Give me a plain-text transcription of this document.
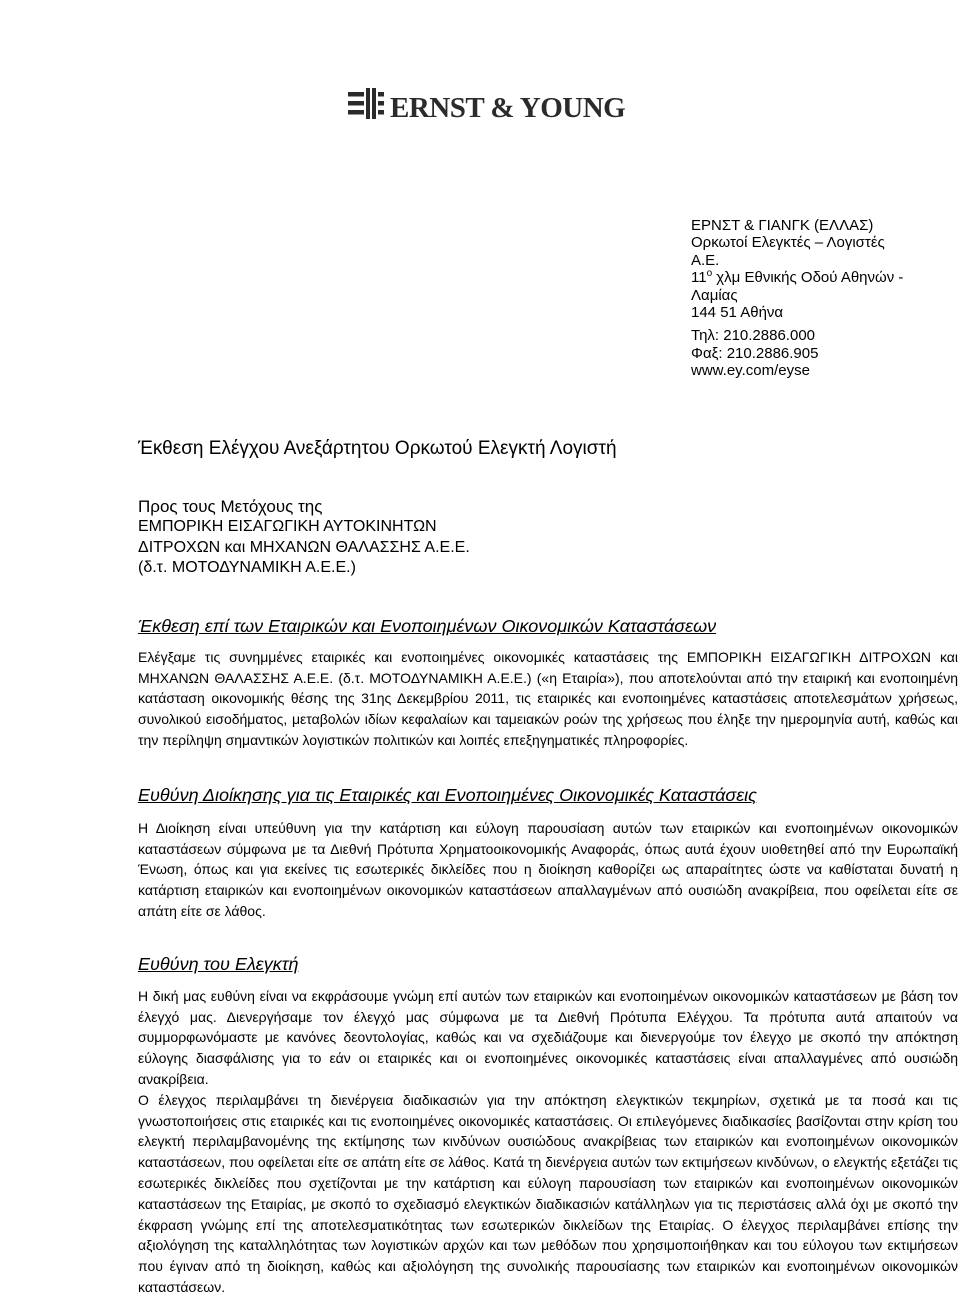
ERNST & YOUNG
ΕΡΝΣΤ & ΓΙΑΝΓΚ (ΕΛΛΑΣ)
Ορκωτοί Ελεγκτές – Λογιστές
Α.Ε.
$11^o$ χλμ Εθνικής Οδού Αθηνών -
Λαμίας
144 51 Αθήνα
Τηλ: 210.2886.000
Φαξ: 210.2886.905
www.ey.com/eyse
Έκθεση Ελέγχου Ανεξάρτητου Ορκωτού Ελεγκτή Λογιστή
Προς τους Μετόχους της
ΕΜΠΟΡΙΚΗ ΕΙΣΑΓΩΓΙΚΗ ΑΥΤΟΚΙΝΗΤΩΝ
ΔΙΤΡΟΧΩΝ και ΜΗΧΑΝΩΝ ΘΑΛΑΣΣΗΣ Α.Ε.Ε.
(δ.τ. ΜΟΤΟΔΥΝΑΜΙΚΗ Α.Ε.Ε.)
Έκθεση επί των Εταιρικών και Ενοποιημένων Οικονομικών Καταστάσεων

Ελέγξαμε τις συνημμένες εταιρικές και ενοποιημένες οικονομικές καταστάσεις της ΕΜΠΟΡΙΚΗ ΕΙΣΑΓΩΓΙΚΗ ΔΙΤΡΟΧΩΝ και ΜΗΧΑΝΩΝ ΘΑΛΑΣΣΗΣ Α.Ε.Ε. (δ.τ. ΜΟΤΟΔΥΝΑΜΙΚΗ Α.Ε.Ε.) («η Εταιρία»), που αποτελούνται από την εταιρική και ενοποιημένη κατάσταση οικονομικής θέσης της 31ης Δεκεμβρίου 2011, τις εταιρικές και ενοποιημένες καταστάσεις αποτελεσμάτων χρήσεως, συνολικού εισοδήματος, μεταβολών ιδίων κεφαλαίων και ταμειακών ροών της χρήσεως που έληξε την ημερομηνία αυτή, καθώς και την περίληψη σημαντικών λογιστικών πολιτικών και λοιπές επεξηγηματικές πληροφορίες.

Ευθύνη Διοίκησης για τις Εταιρικές και Ενοποιημένες Οικονομικές Καταστάσεις

Η Διοίκηση είναι υπεύθυνη για την κατάρτιση και εύλογη παρουσίαση αυτών των εταιρικών και ενοποιημένων οικονομικών καταστάσεων σύμφωνα με τα Διεθνή Πρότυπα Χρηματοοικονομικής Αναφοράς, όπως αυτά έχουν υιοθετηθεί από την Ευρωπαϊκή Ένωση, όπως και για εκείνες τις εσωτερικές δικλείδες που η διοίκηση καθορίζει ως απαραίτητες ώστε να καθίσταται δυνατή η κατάρτιση εταιρικών και ενοποιημένων οικονομικών καταστάσεων απαλλαγμένων από ουσιώδη ανακρίβεια, που οφείλεται είτε σε απάτη είτε σε λάθος.

Ευθύνη του Ελεγκτή

Η δική μας ευθύνη είναι να εκφράσουμε γνώμη επί αυτών των εταιρικών και ενοποιημένων οικονομικών καταστάσεων με βάση τον έλεγχό μας. Διενεργήσαμε τον έλεγχό μας σύμφωνα με τα Διεθνή Πρότυπα Ελέγχου. Τα πρότυπα αυτά απαιτούν να συμμορφωνόμαστε με κανόνες δεοντολογίας, καθώς και να σχεδιάζουμε και διενεργούμε τον έλεγχο με σκοπό την απόκτηση εύλογης διασφάλισης για το εάν οι εταιρικές και οι ενοποιημένες οικονομικές καταστάσεις είναι απαλλαγμένες από ουσιώδη ανακρίβεια.

Ο έλεγχος περιλαμβάνει τη διενέργεια διαδικασιών για την απόκτηση ελεγκτικών τεκμηρίων, σχετικά με τα ποσά και τις γνωστοποιήσεις στις εταιρικές και τις ενοποιημένες οικονομικές καταστάσεις. Οι επιλεγόμενες διαδικασίες βασίζονται στην κρίση του ελεγκτή περιλαμβανομένης της εκτίμησης των κινδύνων ουσιώδους ανακρίβειας των εταιρικών και ενοποιημένων οικονομικών καταστάσεων, που οφείλεται είτε σε απάτη είτε σε λάθος. Κατά τη διενέργεια αυτών των εκτιμήσεων κινδύνων, ο ελεγκτής εξετάζει τις εσωτερικές δικλείδες που σχετίζονται με την κατάρτιση και εύλογη παρουσίαση των εταιρικών και ενοποιημένων οικονομικών καταστάσεων της Εταιρίας, με σκοπό το σχεδιασμό ελεγκτικών διαδικασιών κατάλληλων για τις περιστάσεις αλλά όχι με σκοπό την έκφραση γνώμης επί της αποτελεσματικότητας των εσωτερικών δικλείδων της Εταιρίας. Ο έλεγχος περιλαμβάνει επίσης την αξιολόγηση της καταλληλότητας των λογιστικών αρχών και των μεθόδων που χρησιμοποιήθηκαν και του εύλογου των εκτιμήσεων που έγιναν από τη διοίκηση, καθώς και αξιολόγηση της συνολικής παρουσίασης των εταιρικών και ενοποιημένων οικονομικών καταστάσεων.
